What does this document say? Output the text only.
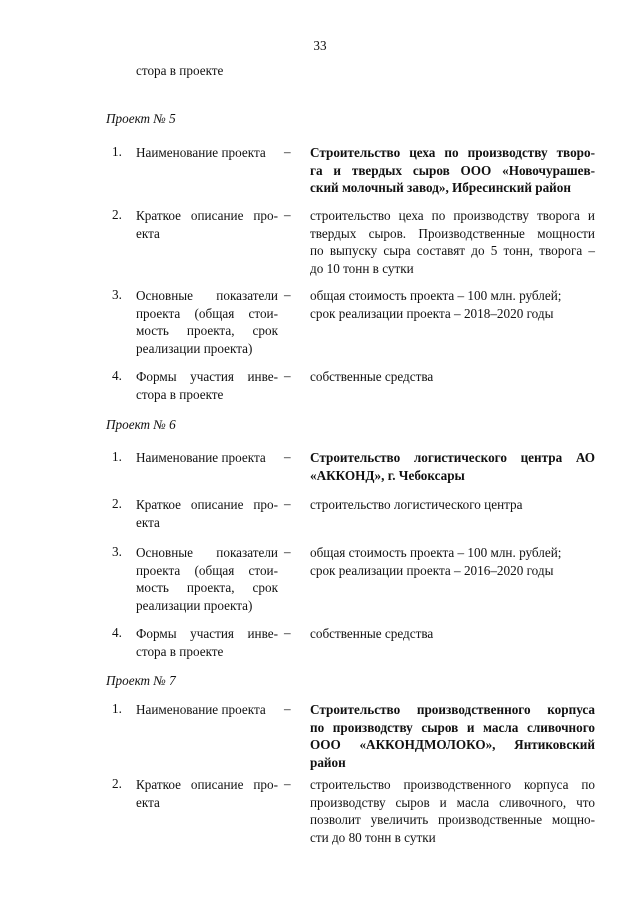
33
стора в проекте
Проект № 5
1. Наименование проекта	– Строительство цеха по производству творо-
га и твердых сыров ООО «Новочурашев-
ский молочный завод», Ибресинский район
2. Краткое описание про-
екта
– строительство цеха по производству творога и
твердых сыров. Производственные мощности
по выпуску сыра составят до 5 тонн, творога –
до 10 тонн в сутки
3. Основные показатели
проекта (общая стои-
мость проекта, срок
реализации проекта)
– общая стоимость проекта – 100 млн. рублей;
срок реализации проекта – 2018–2020 годы
4. Формы участия инве-
стора в проекте
– собственные средства
Проект № 6
1. Наименование проекта	– Строительство логистического центра АО
«АККОНД», г. Чебоксары
2. Краткое описание про-
екта
– строительство логистического центра
3. Основные показатели
проекта (общая стои-
мость проекта, срок
реализации проекта)
– общая стоимость проекта – 100 млн. рублей;
срок реализации проекта – 2016–2020 годы
4. Формы участия инве-
стора в проекте
– собственные средства
Проект № 7
1. Наименование проекта	– Строительство производственного корпуса
по производству сыров и масла сливочного
ООО «АККОНДМОЛОКО», Янтиковский
район
2. Краткое описание про-
екта
– строительство производственного корпуса по
производству сыров и масла сливочного, что
позволит увеличить производственные мощно-
сти до 80 тонн в сутки
